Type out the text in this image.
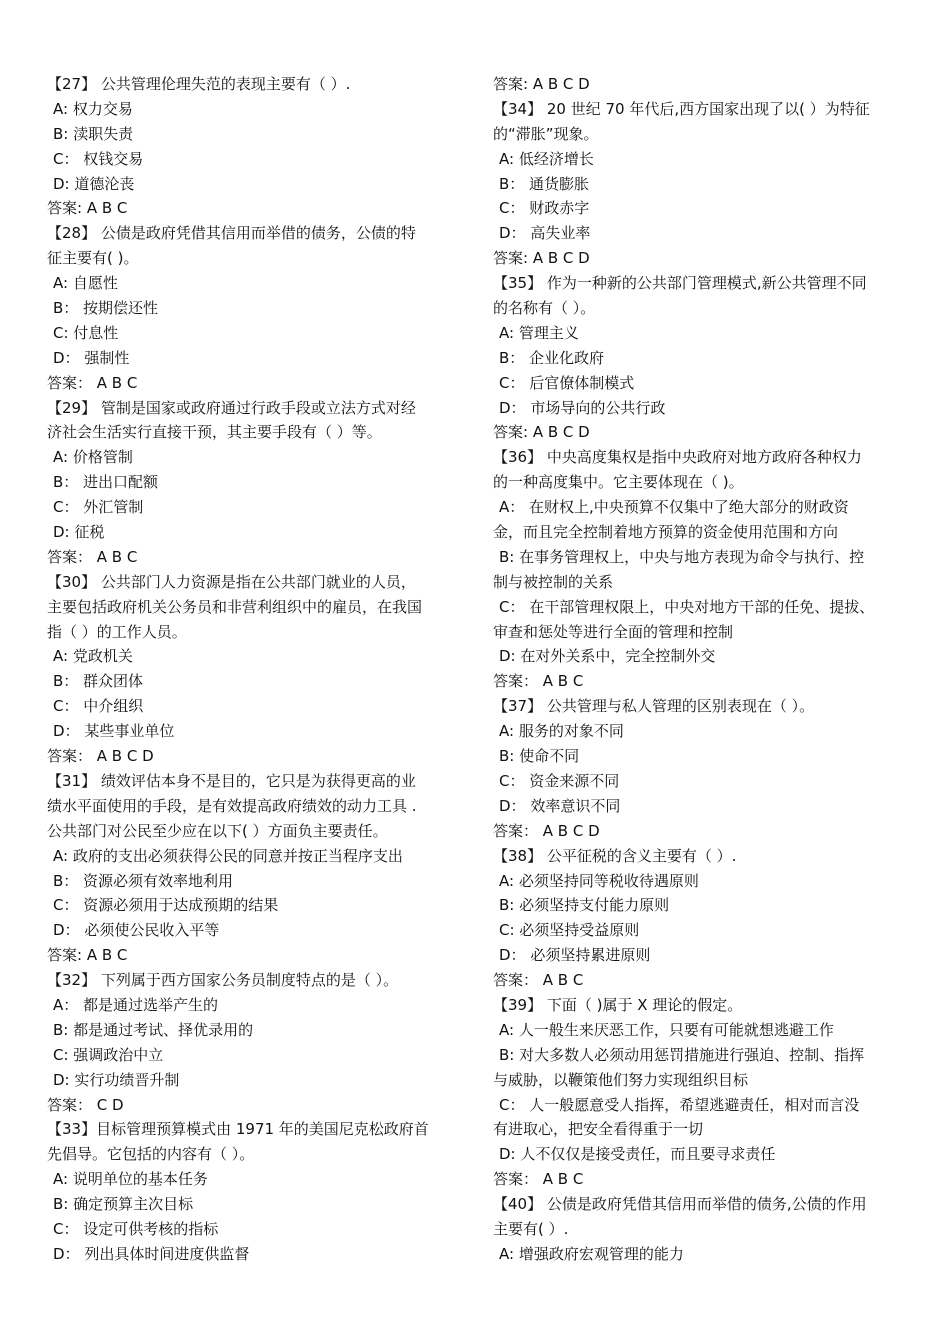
【27】 公共管理伦理失范的表现主要有（ ）.
A: 权力交易
B: 渎职失责
C： 权钱交易
D: 道德沦丧
答案: A B C
【28】 公债是政府凭借其信用而举借的债务，公债的特
征主要有( )。
A: 自愿性
B： 按期偿还性
C: 付息性
D： 强制性
答案： A B C
【29】 管制是国家或政府通过行政手段或立法方式对经
济社会生活实行直接干预，其主要手段有（ ）等。
A: 价格管制
B： 进出口配额
C： 外汇管制
D: 征税
答案： A B C
【30】 公共部门人力资源是指在公共部门就业的人员，
主要包括政府机关公务员和非营利组织中的雇员，在我国
指（ ）的工作人员。
A: 党政机关
B： 群众团体
C： 中介组织
D： 某些事业单位
答案： A B C D
【31】 绩效评估本身不是目的，它只是为获得更高的业
绩水平面使用的手段，是有效提高政府绩效的动力工具 .
公共部门对公民至少应在以下( ）方面负主要责任。
A: 政府的支出必须获得公民的同意并按正当程序支出
B： 资源必须有效率地利用
C： 资源必须用于达成预期的结果
D： 必须使公民收入平等
答案: A B C
【32】 下列属于西方国家公务员制度特点的是（ ）。
A： 都是通过选举产生的
B: 都是通过考试、择优录用的
C: 强调政治中立
D: 实行功绩晋升制
答案： C D
【33】目标管理预算模式由 1971 年的美国尼克松政府首
先倡导。它包括的内容有（ ）。
A: 说明单位的基本任务
B: 确定预算主次目标
C： 设定可供考核的指标
D： 列出具体时间进度供监督
答案: A B C D
【34】 20 世纪 70 年代后,西方国家出现了以( ）为特征
的“滞胀”现象。
A: 低经济增长
B： 通货膨胀
C： 财政赤字
D： 高失业率
答案: A B C D
【35】 作为一种新的公共部门管理模式,新公共管理不同
的名称有（ ）。
A: 管理主义
B： 企业化政府
C： 后官僚体制模式
D： 市场导向的公共行政
答案: A B C D
【36】 中央高度集权是指中央政府对地方政府各种权力
的一种高度集中。它主要体现在（ )。
A： 在财权上,中央预算不仅集中了绝大部分的财政资
金，而且完全控制着地方预算的资金使用范围和方向
B: 在事务管理权上，中央与地方表现为命令与执行、控
制与被控制的关系
C： 在干部管理权限上，中央对地方干部的任免、提拔、
审查和惩处等进行全面的管理和控制
D: 在对外关系中，完全控制外交
答案： A B C
【37】 公共管理与私人管理的区别表现在（ ）。
A: 服务的对象不同
B: 使命不同
C： 资金来源不同
D： 效率意识不同
答案： A B C D
【38】 公平征税的含义主要有（ ）.
A: 必须坚持同等税收待遇原则
B: 必须坚持支付能力原则
C: 必须坚持受益原则
D： 必须坚持累进原则
答案： A B C
【39】 下面（ )属于 X 理论的假定。
A: 人一般生来厌恶工作，只要有可能就想逃避工作
B: 对大多数人必须动用惩罚措施进行强迫、控制、指挥
与威胁，以鞭策他们努力实现组织目标
C： 人一般愿意受人指挥，希望逃避责任，相对而言没
有进取心，把安全看得重于一切
D: 人不仅仅是接受责任，而且要寻求责任
答案： A B C
【40】 公债是政府凭借其信用而举借的债务,公债的作用
主要有( ）.
A: 增强政府宏观管理的能力
